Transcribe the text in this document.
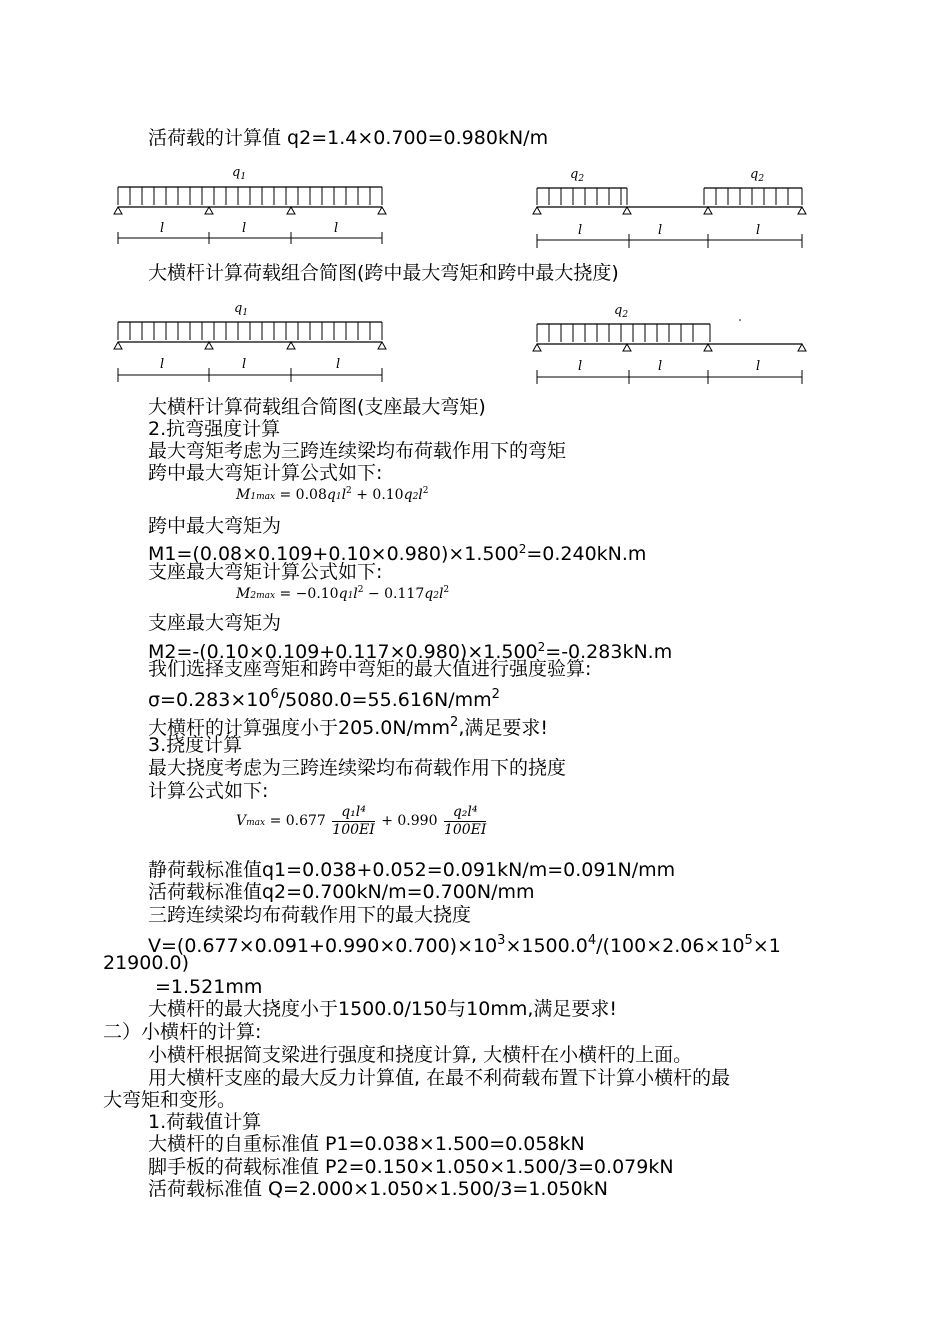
活荷载的计算值 q2=1.4×0.700=0.980kN/m
$q_1$
l	l	l
$q_2$	$q_2$
l	l	l
大横杆计算荷载组合简图(跨中最大弯矩和跨中最大挠度)
$q_1$
l	l	l
$q_2$
l	l	l
大横杆计算荷载组合简图(支座最大弯矩)
2.抗弯强度计算
最大弯矩考虑为三跨连续梁均布荷载作用下的弯矩
跨中最大弯矩计算公式如下:
$M1\max = 0.08q1l^2 + 0.10q2l^2$
跨中最大弯矩为
$M1=(0.08\times 0.109+0.10\times 0.980)\times 1.500^2=0.240kN.m$
支座最大弯矩计算公式如下:
$M2\max = -0.10q1l^2 - 0.117q2l^2$
支座最大弯矩为
$M2=-(0.10\times 0.109+0.117\times 0.980)\times 1.500^2=-0.283kN.m$
我们选择支座弯矩和跨中弯矩的最大值进行强度验算:
$\sigma=0.283\times 10^6/5080.0=55.616N/mm^2$
大横杆的计算强度小于$205.0N/mm^2$,满足要求!
3.挠度计算
最大挠度考虑为三跨连续梁均布荷载作用下的挠度
计算公式如下:
$Vmax = 0.677 \frac{\text{q₁l⁴}}{100EI} + 0.990 \frac{\text{q₂l⁴}}{100EI}$
静荷载标准值q1=0.038+0.052=0.091kN/m=0.091N/mm
活荷载标准值q2=0.700kN/m=0.700N/mm
三跨连续梁均布荷载作用下的最大挠度
$V=(0.677\times 0.091+0.990\times 0.700)\times 10^3\times 1500.0^4/(100\times 2.06\times 10^5\times 1$
21900.0)
=1.521mm
大横杆的最大挠度小于1500.0/150与10mm,满足要求!
二）小横杆的计算:
小横杆根据简支梁进行强度和挠度计算, 大横杆在小横杆的上面。
用大横杆支座的最大反力计算值, 在最不利荷载布置下计算小横杆的最
大弯矩和变形。
1.荷载值计算
大横杆的自重标准值 P1=0.038×1.500=0.058kN
脚手板的荷载标准值 P2=0.150×1.050×1.500/3=0.079kN
活荷载标准值 Q=2.000×1.050×1.500/3=1.050kN
